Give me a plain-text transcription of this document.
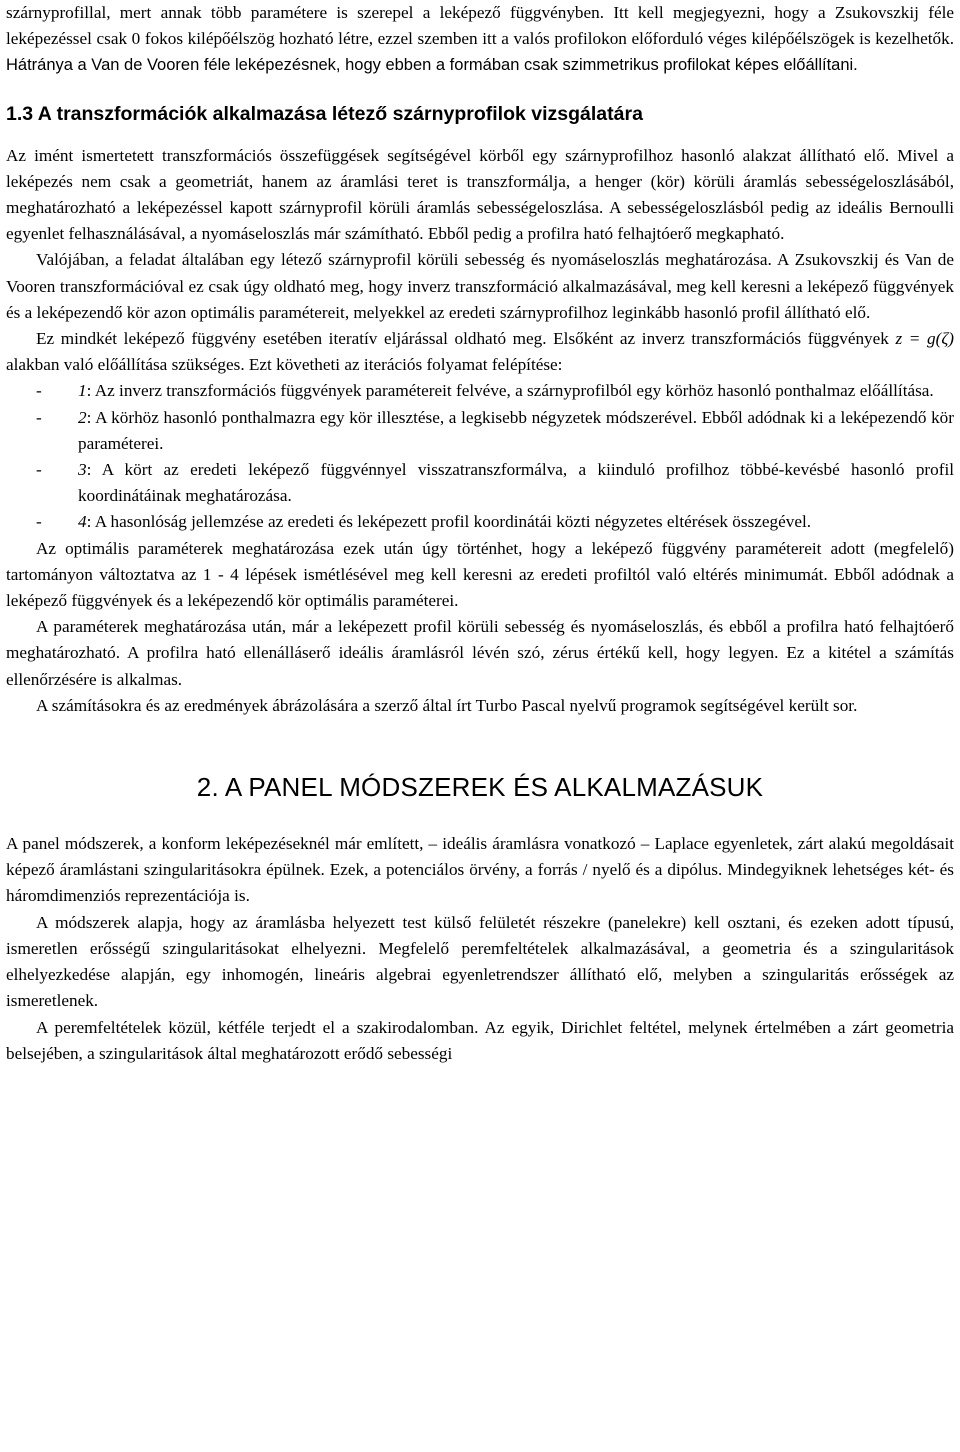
szárnyprofillal, mert annak több paramétere is szerepel a leképező függvényben. Itt kell megjegyezni, hogy a Zsukovszkij féle leképezéssel csak 0 fokos kilépőélszög hozható létre, ezzel szemben itt a valós profilokon előforduló véges kilépőélszögek is kezelhetők. Hátránya a Van de Vooren féle leképezésnek, hogy ebben a formában csak szimmetrikus profilokat képes előállítani.

1.3 A transzformációk alkalmazása létező szárnyprofilok vizsgálatára

Az imént ismertetett transzformációs összefüggések segítségével körből egy szárnyprofilhoz hasonló alakzat állítható elő. Mivel a leképezés nem csak a geometriát, hanem az áramlási teret is transzformálja, a henger (kör) körüli áramlás sebességeloszlásából, meghatározható a leképezéssel kapott szárnyprofil körüli áramlás sebességeloszlása. A sebességeloszlásból pedig az ideális Bernoulli egyenlet felhasználásával, a nyomáseloszlás már számítható. Ebből pedig a profilra ható felhajtóerő megkapható.

Valójában, a feladat általában egy létező szárnyprofil körüli sebesség és nyomáseloszlás meghatározása. A Zsukovszkij és Van de Vooren transzformációval ez csak úgy oldható meg, hogy inverz transzformáció alkalmazásával, meg kell keresni a leképező függvények és a leképezendő kör azon optimális paramétereit, melyekkel az eredeti szárnyprofilhoz leginkább hasonló profil állítható elő.

Ez mindkét leképező függvény esetében iteratív eljárással oldható meg. Elsőként az inverz transzformációs függvények z = g(ζ) alakban való előállítása szükséges. Ezt követheti az iterációs folyamat felépítése:

- 1: Az inverz transzformációs függvények paramétereit felvéve, a szárnyprofilból egy körhöz hasonló ponthalmaz előállítása.
- 2: A körhöz hasonló ponthalmazra egy kör illesztése, a legkisebb négyzetek módszerével. Ebből adódnak ki a leképezendő kör paraméterei.
- 3: A kört az eredeti leképező függvénnyel visszatranszformálva, a kiinduló profilhoz többé-kevésbé hasonló profil koordinátáinak meghatározása.
- 4: A hasonlóság jellemzése az eredeti és leképezett profil koordinátái közti négyzetes eltérések összegével.

Az optimális paraméterek meghatározása ezek után úgy történhet, hogy a leképező függvény paramétereit adott (megfelelő) tartományon változtatva az 1 - 4 lépések ismétlésével meg kell keresni az eredeti profiltól való eltérés minimumát. Ebből adódnak a leképező függvények és a leképezendő kör optimális paraméterei.

A paraméterek meghatározása után, már a leképezett profil körüli sebesség és nyomáseloszlás, és ebből a profilra ható felhajtóerő meghatározható. A profilra ható ellenálláserő ideális áramlásról lévén szó, zérus értékű kell, hogy legyen. Ez a kitétel a számítás ellenőrzésére is alkalmas.

A számításokra és az eredmények ábrázolására a szerző által írt Turbo Pascal nyelvű programok segítségével került sor.

2. A PANEL MÓDSZEREK ÉS ALKALMAZÁSUK

A panel módszerek, a konform leképezéseknél már említett, – ideális áramlásra vonatkozó – Laplace egyenletek, zárt alakú megoldásait képező áramlástani szingularitásokra épülnek. Ezek, a potenciálos örvény, a forrás / nyelő és a dipólus. Mindegyiknek lehetséges két- és háromdimenziós reprezentációja is.

A módszerek alapja, hogy az áramlásba helyezett test külső felületét részekre (panelekre) kell osztani, és ezeken adott típusú, ismeretlen erősségű szingularitásokat elhelyezni. Megfelelő peremfeltételek alkalmazásával, a geometria és a szingularitások elhelyezkedése alapján, egy inhomogén, lineáris algebrai egyenletrendszer állítható elő, melyben a szingularitás erősségek az ismeretlenek.

A peremfeltételek közül, kétféle terjedt el a szakirodalomban. Az egyik, Dirichlet feltétel, melynek értelmében a zárt geometria belsejében, a szingularitások által meghatározott erődő sebességi
